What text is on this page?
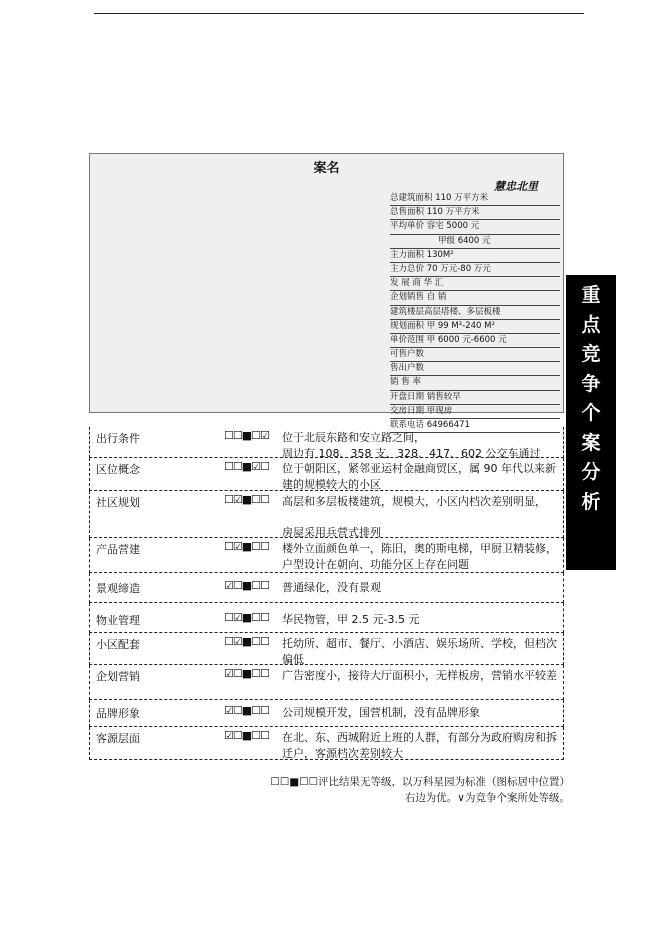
案名
慧忠北里
总建筑面积 110 万平方米
总售面积 110 万平方米
平均单价 容宅 5000 元
甲级 6400 元
主力面积 130M²
主力总价 70 万元-80 万元
发 展 商 华 汇
企划销售 自 销
建筑楼层高层塔楼、多层板楼
规划面积 甲 99 M²-240 M²
单价范围 甲 6000 元-6600 元
可售户数
售出户数
销 售 率
开盘日期 销售较早
交房日期 甲现房
联系电话 64966471
重
点
竞
争
个
案
分
析
出行条件	☐☐■☐☑ 位于北辰东路和安立路之间，
周边有 108、358 支、328、417、602 公交车通过
区位概念	☐☐■☑☐ 位于朝阳区，紧邻亚运村金融商贸区，属 90 年代以来新建的规模较大的小区
社区规划	☐☑■☐☐ 高层和多层板楼建筑，规模大，小区内档次差别明显，

房屋采用兵营式排列
产品营建	☐☑■☐☐ 楼外立面颜色单一，陈旧，奥的斯电梯，甲厨卫精装修，户型设计在朝向、功能分区上存在问题
景观缔造	☑☐■☐☐ 普通绿化，没有景观
物业管理	☐☑■☐☐ 华民物管，甲 2.5 元-3.5 元
小区配套	☐☑■☐☐ 托幼所、超市、餐厅、小酒店、娱乐场所、学校，但档次偏低
企划营销	☑☐■☐☐ 广告密度小，接待大厅面积小，无样板房，营销水平较差
品牌形象	☑☐■☐☐ 公司规模开发，国营机制，没有品牌形象
客源层面	☑☐■☐☐ 在北、东、西城附近上班的人群，有部分为政府购房和拆迁户，客源档次差别较大
☐☐■☐☐评比结果无等级，以万科星园为标准（图标居中位置）
右边为优。∨为竞争个案所处等级。
